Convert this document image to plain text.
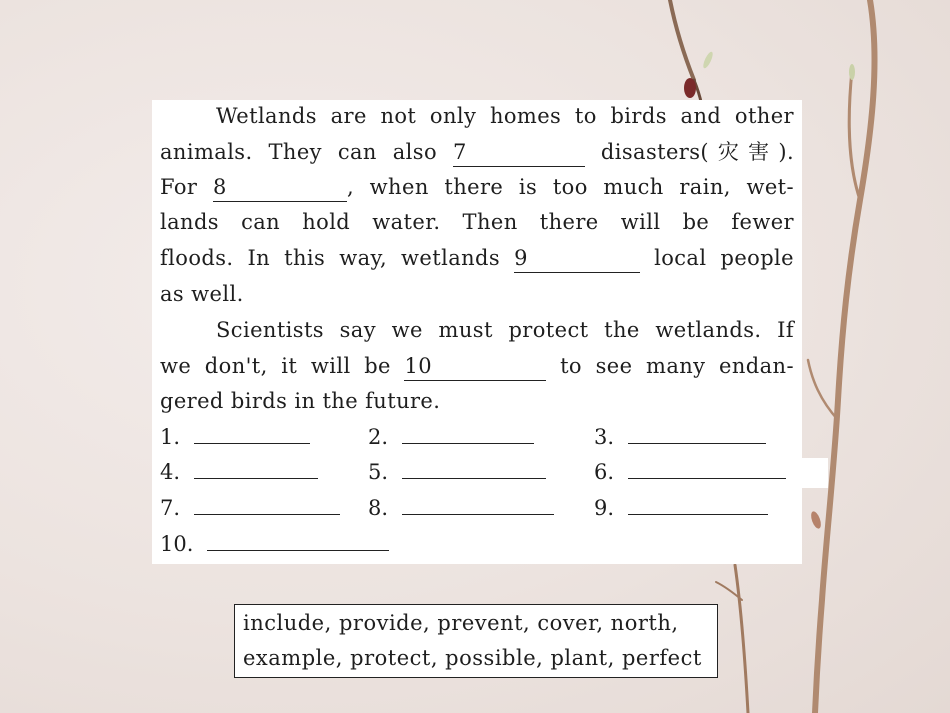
Wetlands are not only homes to birds and other
animals. They can also 7	disasters(灾害).
For 8	, when there is too much rain, wet-
lands can hold water. Then there will be fewer
floods. In this way, wetlands 9	local people
as well.
Scientists say we must protect the wetlands. If
we don't, it will be 10	to see many endan-
gered birds in the future.
1.	2.	3.
4.	5.	6.
7.	8.	9.
10.
include, provide, prevent, cover, north,
example, protect, possible, plant, perfect
